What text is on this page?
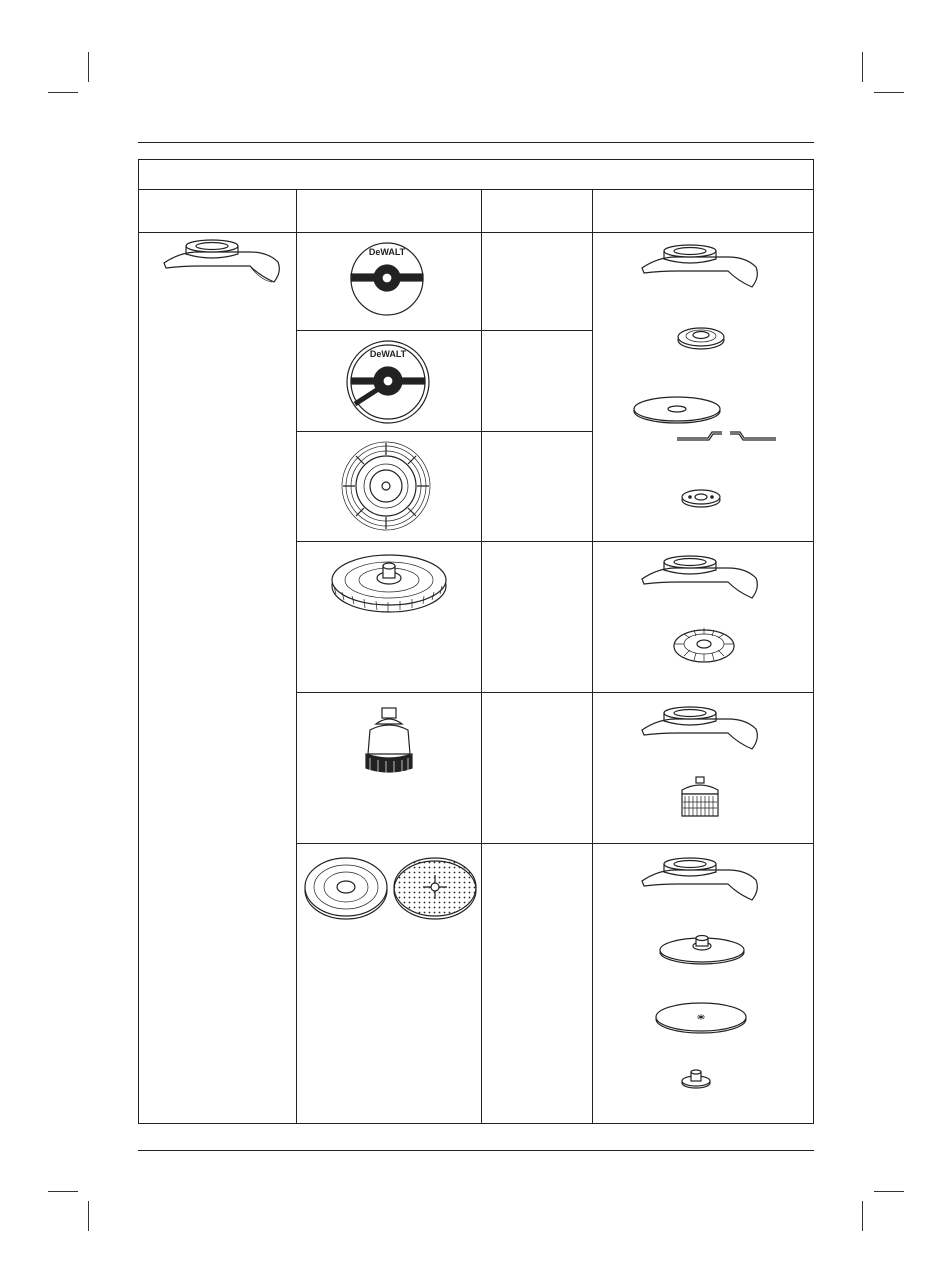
DeWALT
DeWALT
